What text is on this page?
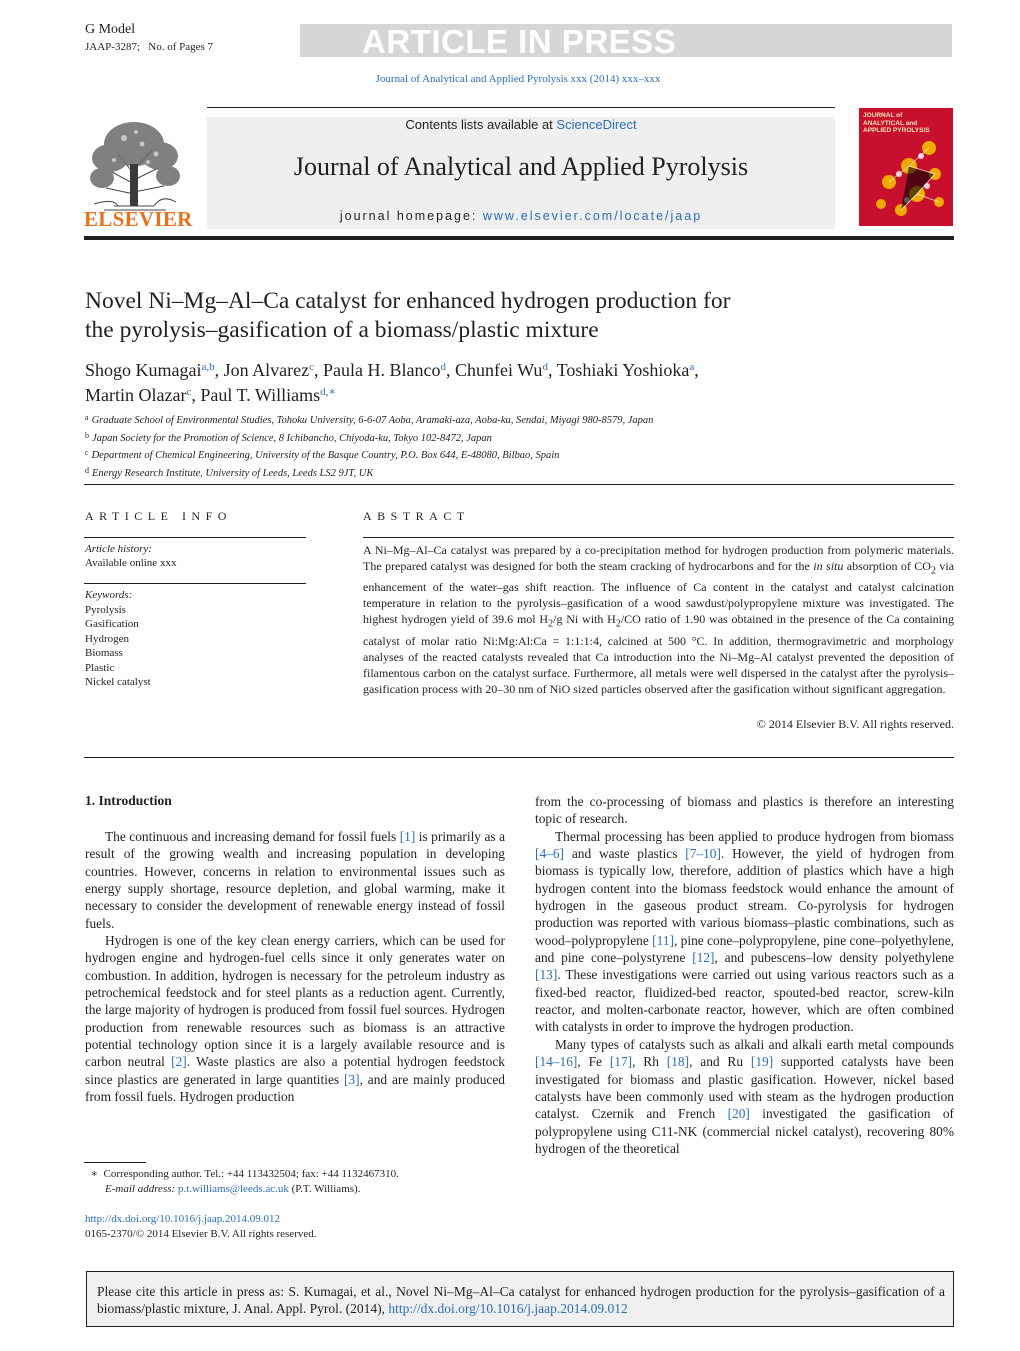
G Model
JAAP-3287; No. of Pages 7	ARTICLE IN PRESS
Journal of Analytical and Applied Pyrolysis xxx (2014) xxx–xxx
Contents lists available at ScienceDirect
Journal of Analytical and Applied Pyrolysis
journal homepage: www.elsevier.com/locate/jaap
ELSEVIER
JOURNAL of ANALYTICAL and APPLIED PYROLYSIS
Novel Ni–Mg–Al–Ca catalyst for enhanced hydrogen production for
the pyrolysis–gasification of a biomass/plastic mixture
Shogo Kumagai$^{a,b}$, Jon Alvarez$^c$, Paula H. Blanco$^d$, Chunfei Wu$^d$, Toshiaki Yoshioka$^a$,
Martin Olazar$^c$, Paul T. Williams$^{d,∗}$
$^a$ Graduate School of Environmental Studies, Tohoku University, 6-6-07 Aoba, Aramaki-aza, Aoba-ku, Sendai, Miyagi 980-8579, Japan
$^b$ Japan Society for the Promotion of Science, 8 Ichibancho, Chiyoda-ku, Tokyo 102-8472, Japan
$^c$ Department of Chemical Engineering, University of the Basque Country, P.O. Box 644, E-48080, Bilbao, Spain
$^d$ Energy Research Institute, University of Leeds, Leeds LS2 9JT, UK
ARTICLE INFO
Article history:
Available online xxx
Keywords:
Pyrolysis
Gasification
Hydrogen
Biomass
Plastic
Nickel catalyst
ABSTRACT
A Ni–Mg–Al–Ca catalyst was prepared by a co-precipitation method for hydrogen production from polymeric materials. The prepared catalyst was designed for both the steam cracking of hydrocarbons and for the in situ absorption of $CO_2$ via enhancement of the water–gas shift reaction. The influence of Ca content in the catalyst and catalyst calcination temperature in relation to the pyrolysis–gasification of a wood sawdust/polypropylene mixture was investigated. The highest hydrogen yield of 39.6 mol $H_2/g$ Ni with $H_2/CO$ ratio of 1.90 was obtained in the presence of the Ca containing catalyst of molar ratio Ni:Mg:Al:Ca = 1:1:1:4, calcined at 500 °C. In addition, thermogravimetric and morphology analyses of the reacted catalysts revealed that Ca introduction into the Ni–Mg–Al catalyst prevented the deposition of filamentous carbon on the catalyst surface. Furthermore, all metals were well dispersed in the catalyst after the pyrolysis–gasification process with 20–30 nm of NiO sized particles observed after the gasification without significant aggregation.
© 2014 Elsevier B.V. All rights reserved.
1. Introduction

The continuous and increasing demand for fossil fuels [1] is primarily as a result of the growing wealth and increasing population in developing countries. However, concerns in relation to environmental issues such as energy supply shortage, resource depletion, and global warming, make it necessary to consider the development of renewable energy instead of fossil fuels.

Hydrogen is one of the key clean energy carriers, which can be used for hydrogen engine and hydrogen-fuel cells since it only generates water on combustion. In addition, hydrogen is necessary for the petroleum industry as petrochemical feedstock and for steel plants as a reduction agent. Currently, the large majority of hydrogen is produced from fossil fuel sources. Hydrogen production from renewable resources such as biomass is an attractive potential technology option since it is a largely available resource and is carbon neutral [2]. Waste plastics are also a potential hydrogen feedstock since plastics are generated in large quantities [3], and are mainly produced from fossil fuels. Hydrogen production

from the co-processing of biomass and plastics is therefore an interesting topic of research.

Thermal processing has been applied to produce hydrogen from biomass [4–6] and waste plastics [7–10]. However, the yield of hydrogen from biomass is typically low, therefore, addition of plastics which have a high hydrogen content into the biomass feedstock would enhance the amount of hydrogen in the gaseous product stream. Co-pyrolysis for hydrogen production was reported with various biomass–plastic combinations, such as wood–polypropylene [11], pine cone–polypropylene, pine cone–polyethylene, and pine cone–polystyrene [12], and pubescens–low density polyethylene [13]. These investigations were carried out using various reactors such as a fixed-bed reactor, fluidized-bed reactor, spouted-bed reactor, screw-kiln reactor, and molten-carbonate reactor, however, which are often combined with catalysts in order to improve the hydrogen production.

Many types of catalysts such as alkali and alkali earth metal compounds [14–16], Fe [17], Rh [18], and Ru [19] supported catalysts have been investigated for biomass and plastic gasification. However, nickel based catalysts have been commonly used with steam as the hydrogen production catalyst. Czernik and French [20] investigated the gasification of polypropylene using C11-NK (commercial nickel catalyst), recovering 80% hydrogen of the theoretical

∗ Corresponding author. Tel.: +44 113432504; fax: +44 1132467310.
E-mail address: p.t.williams@leeds.ac.uk (P.T. Williams).
http://dx.doi.org/10.1016/j.jaap.2014.09.012
0165-2370/© 2014 Elsevier B.V. All rights reserved.
Please cite this article in press as: S. Kumagai, et al., Novel Ni–Mg–Al–Ca catalyst for enhanced hydrogen production for the pyrolysis–gasification of a biomass/plastic mixture, J. Anal. Appl. Pyrol. (2014), http://dx.doi.org/10.1016/j.jaap.2014.09.012
